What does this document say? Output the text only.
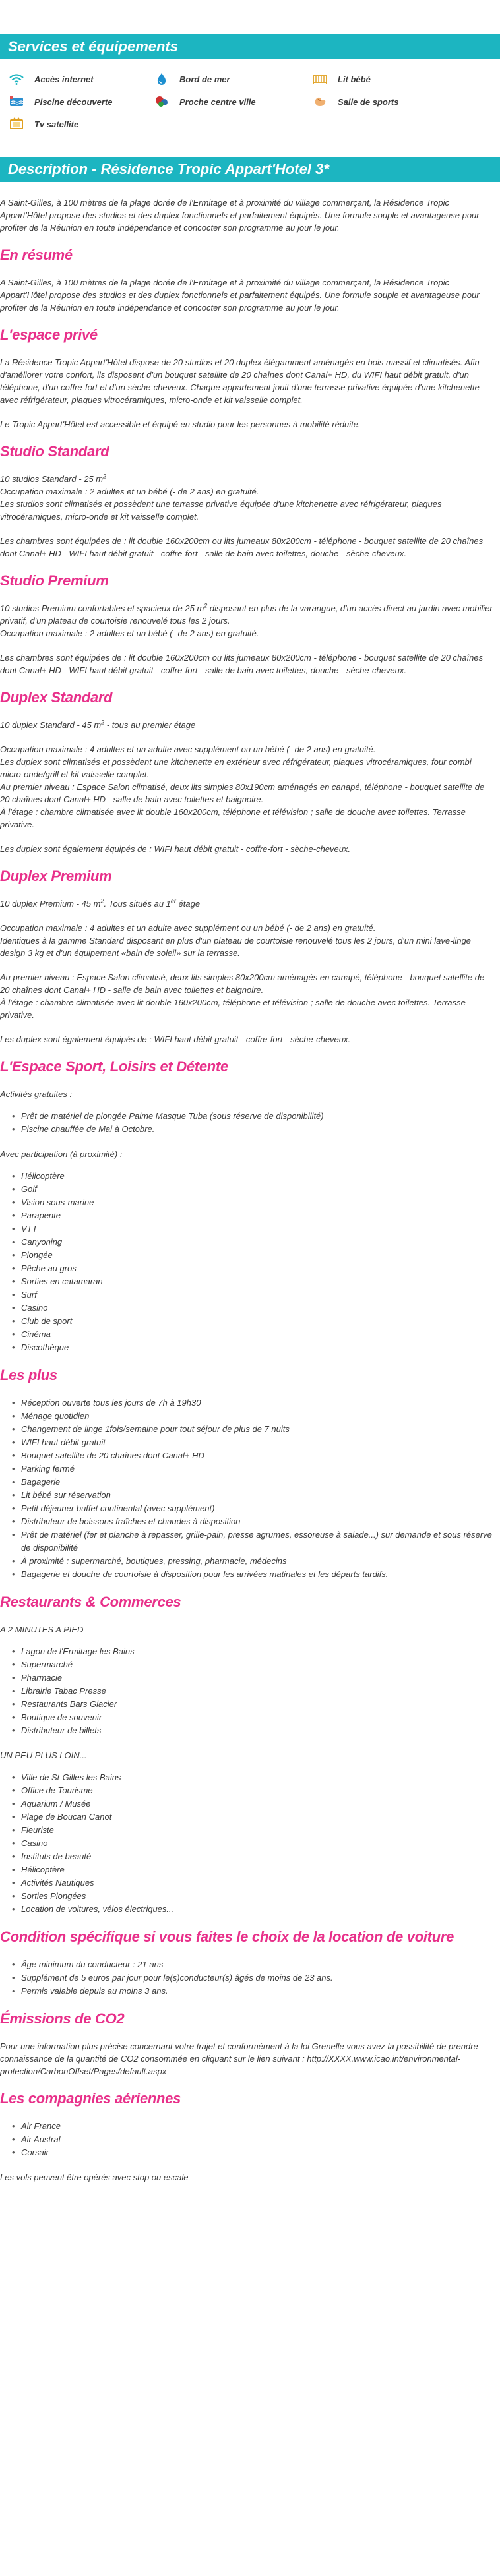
Services et équipements
Accès internet	Bord de mer	Lit bébé
Piscine découverte	Proche centre ville	Salle de sports
Tv satellite
Description - Résidence Tropic Appart'Hotel 3*

A Saint-Gilles, à 100 mètres de la plage dorée de l'Ermitage et à proximité du village commerçant, la Résidence Tropic Appart'Hôtel propose des studios et des duplex fonctionnels et parfaitement équipés. Une formule souple et avantageuse pour profiter de la Réunion en toute indépendance et concocter son programme au jour le jour.

En résumé

A Saint-Gilles, à 100 mètres de la plage dorée de l'Ermitage et à proximité du village commerçant, la Résidence Tropic Appart'Hôtel propose des studios et des duplex fonctionnels et parfaitement équipés. Une formule souple et avantageuse pour profiter de la Réunion en toute indépendance et concocter son programme au jour le jour.

L'espace privé

La Résidence Tropic Appart'Hôtel dispose de 20 studios et 20 duplex élégamment aménagés en bois massif et climatisés. Afin d'améliorer votre confort, ils disposent d'un bouquet satellite de 20 chaînes dont Canal+ HD, du WIFI haut débit gratuit, d'un téléphone, d'un coffre-fort et d'un sèche-cheveux. Chaque appartement jouit d'une terrasse privative équipée d'une kitchenette avec réfrigérateur, plaques vitrocéramiques, micro-onde et kit vaisselle complet.

Le Tropic Appart'Hôtel est accessible et équipé en studio pour les personnes à mobilité réduite.

Studio Standard

10 studios Standard - 25 $m^2$
Occupation maximale : 2 adultes et un bébé (- de 2 ans) en gratuité.
Les studios sont climatisés et possèdent une terrasse privative équipée d'une kitchenette avec réfrigérateur, plaques vitrocéramiques, micro-onde et kit vaisselle complet.

Les chambres sont équipées de : lit double 160x200cm ou lits jumeaux 80x200cm - téléphone - bouquet satellite de 20 chaînes dont Canal+ HD - WIFI haut débit gratuit - coffre-fort - salle de bain avec toilettes, douche - sèche-cheveux.

Studio Premium

10 studios Premium confortables et spacieux de 25 $m^2$ disposant en plus de la varangue, d'un accès direct au jardin avec mobilier privatif, d'un plateau de courtoisie renouvelé tous les 2 jours.
Occupation maximale : 2 adultes et un bébé (- de 2 ans) en gratuité.

Les chambres sont équipées de : lit double 160x200cm ou lits jumeaux 80x200cm - téléphone - bouquet satellite de 20 chaînes dont Canal+ HD - WIFI haut débit gratuit - coffre-fort - salle de bain avec toilettes, douche - sèche-cheveux.

Duplex Standard

10 duplex Standard - 45 $m^2$ - tous au premier étage

Occupation maximale : 4 adultes et un adulte avec supplément ou un bébé (- de 2 ans) en gratuité.
Les duplex sont climatisés et possèdent une kitchenette en extérieur avec réfrigérateur, plaques vitrocéramiques, four combi micro-onde/grill et kit vaisselle complet.
Au premier niveau : Espace Salon climatisé, deux lits simples 80x190cm aménagés en canapé, téléphone - bouquet satellite de 20 chaînes dont Canal+ HD - salle de bain avec toilettes et baignoire.
À l'étage : chambre climatisée avec lit double 160x200cm, téléphone et télévision ; salle de douche avec toilettes. Terrasse privative.

Les duplex sont également équipés de : WIFI haut débit gratuit - coffre-fort - sèche-cheveux.

Duplex Premium

10 duplex Premium - 45 $m^2$. Tous situés au 1er étage

Occupation maximale : 4 adultes et un adulte avec supplément ou un bébé (- de 2 ans) en gratuité.
Identiques à la gamme Standard disposant en plus d'un plateau de courtoisie renouvelé tous les 2 jours, d'un mini lave-linge design 3 kg et d'un équipement «bain de soleil» sur la terrasse.

Au premier niveau : Espace Salon climatisé, deux lits simples 80x200cm aménagés en canapé, téléphone - bouquet satellite de 20 chaînes dont Canal+ HD - salle de bain avec toilettes et baignoire.
À l'étage : chambre climatisée avec lit double 160x200cm, téléphone et télévision ; salle de douche avec toilettes. Terrasse privative.

Les duplex sont également équipés de : WIFI haut débit gratuit - coffre-fort - sèche-cheveux.

L'Espace Sport, Loisirs et Détente
Activités gratuites :
• Prêt de matériel de plongée Palme Masque Tuba (sous réserve de disponibilité)
• Piscine chauffée de Mai à Octobre.
Avec participation (à proximité) :
• Hélicoptère
• Golf
• Vision sous-marine
• Parapente
• VTT
• Canyoning
• Plongée
• Pêche au gros
• Sorties en catamaran
• Surf
• Casino
• Club de sport
• Cinéma
• Discothèque
Les plus
• Réception ouverte tous les jours de 7h à 19h30
• Ménage quotidien
• Changement de linge 1fois/semaine pour tout séjour de plus de 7 nuits
• WIFI haut débit gratuit
• Bouquet satellite de 20 chaînes dont Canal+ HD
• Parking fermé
• Bagagerie
• Lit bébé sur réservation
• Petit déjeuner buffet continental (avec supplément)
• Distributeur de boissons fraîches et chaudes à disposition
• Prêt de matériel (fer et planche à repasser, grille-pain, presse agrumes, essoreuse à salade...) sur demande et sous réserve de disponibilité
• À proximité : supermarché, boutiques, pressing, pharmacie, médecins
• Bagagerie et douche de courtoisie à disposition pour les arrivées matinales et les départs tardifs.
Restaurants & Commerces
A 2 MINUTES A PIED
• Lagon de l'Ermitage les Bains
• Supermarché
• Pharmacie
• Librairie Tabac Presse
• Restaurants Bars Glacier
• Boutique de souvenir
• Distributeur de billets
UN PEU PLUS LOIN...
• Ville de St-Gilles les Bains
• Office de Tourisme
• Aquarium / Musée
• Plage de Boucan Canot
• Fleuriste
• Casino
• Instituts de beauté
• Hélicoptère
• Activités Nautiques
• Sorties Plongées
• Location de voitures, vélos électriques...
Condition spécifique si vous faites le choix de la location de voiture
• Âge minimum du conducteur : 21 ans
• Supplément de 5 euros par jour pour le(s)conducteur(s) âgés de moins de 23 ans.
• Permis valable depuis au moins 3 ans.
Émissions de CO2

Pour une information plus précise concernant votre trajet et conformément à la loi Grenelle vous avez la possibilité de prendre connaissance de la quantité de CO2 consommée en cliquant sur le lien suivant : http://XXXX.www.icao.int/environmental-protection/CarbonOffset/Pages/default.aspx

Les compagnies aériennes
• Air France
• Air Austral
• Corsair

Les vols peuvent être opérés avec stop ou escale
